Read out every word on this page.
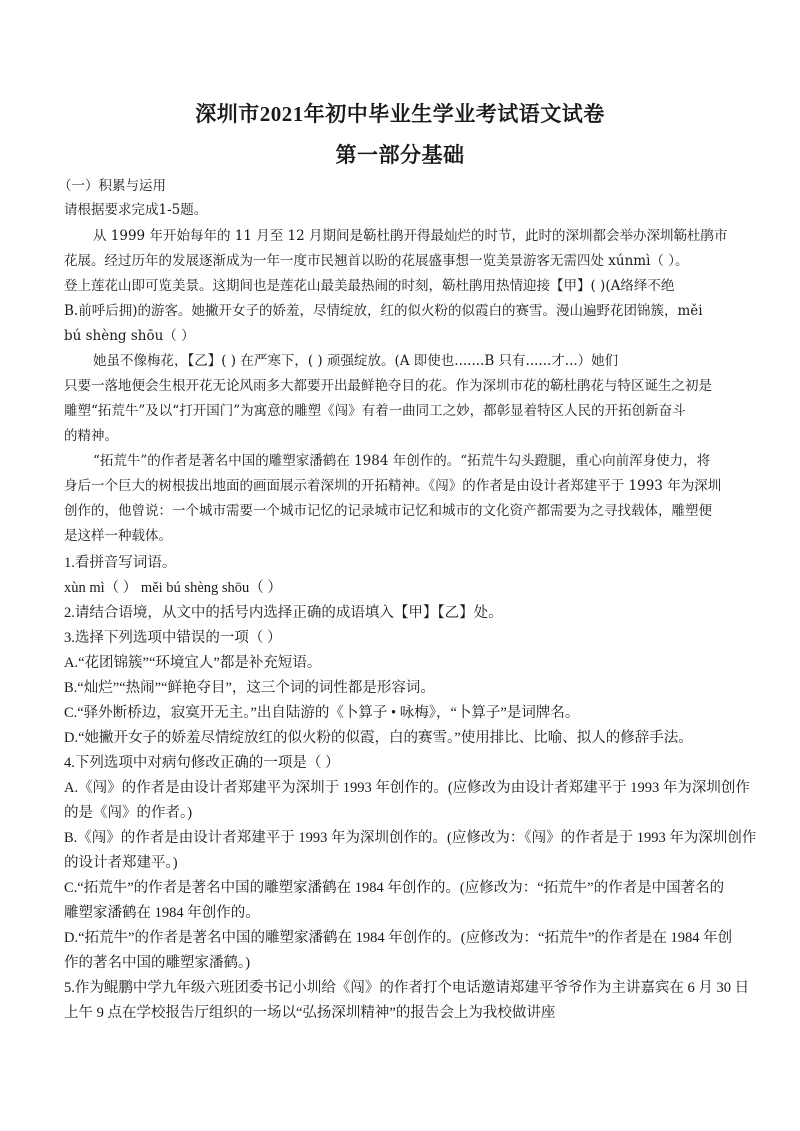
深圳市2021年初中毕业生学业考试语文试卷
第一部分基础
（一）积累与运用
请根据要求完成1-5题。
从 1999 年开始每年的 11 月至 12 月期间是簕杜鹃开得最灿烂的时节，此时的深圳都会举办深圳簕杜鹃市
花展。经过历年的发展逐渐成为一年一度市民翘首以盼的花展盛事想一览美景游客无需四处 xúnmì（ ）。
登上莲花山即可览美景。这期间也是莲花山最美最热闹的时刻，簕杜鹃用热情迎接【甲】( )(A络绎不绝
B.前呼后拥)的游客。她撇开女子的娇羞，尽情绽放，红的似火粉的似霞白的赛雪。漫山遍野花团锦簇，měi
bú shèng shōu（ ）
她虽不像梅花，【乙】( ) 在严寒下，( ) 顽强绽放。(A 即使也.......B 只有......才...）她们
只要一落地便会生根开花无论风雨多大都要开出最鲜艳夺目的花。作为深圳市花的簕杜鹃花与特区诞生之初是
雕塑“拓荒牛”及以“打开国门”为寓意的雕塑《闯》有着一曲同工之妙，都彰显着特区人民的开拓创新奋斗
的精神。
“拓荒牛”的作者是著名中国的雕塑家潘鹤在 1984 年创作的。“拓荒牛勾头蹬腿，重心向前浑身使力，将
身后一个巨大的树根拔出地面的画面展示着深圳的开拓精神。《闯》的作者是由设计者郑建平于 1993 年为深圳
创作的，他曾说：一个城市需要一个城市记忆的记录城市记忆和城市的文化资产都需要为之寻找载体，雕塑便
是这样一种载体。
1.看拼音写词语。
xùn mì（ ） měi bú shèng shōu（ ）
2.请结合语境，从文中的括号内选择正确的成语填入【甲】【乙】处。
3.选择下列选项中错误的一项（ ）
A.“花团锦簇”“环境宜人”都是补充短语。
B.“灿烂”“热闹”“鲜艳夺目”，这三个词的词性都是形容词。
C.“驿外断桥边，寂寞开无主。”出自陆游的《卜算子 • 咏梅》，“卜算子”是词牌名。
D.“她撇开女子的娇羞尽情绽放红的似火粉的似霞，白的赛雪。”使用排比、比喻、拟人的修辞手法。
4.下列选项中对病句修改正确的一项是（ ）
A.《闯》的作者是由设计者郑建平为深圳于 1993 年创作的。(应修改为由设计者郑建平于 1993 年为深圳创作
的是《闯》的作者。)
B.《闯》的作者是由设计者郑建平于 1993 年为深圳创作的。(应修改为：《闯》的作者是于 1993 年为深圳创作
的设计者郑建平。)
C.“拓荒牛”的作者是著名中国的雕塑家潘鹤在 1984 年创作的。(应修改为：“拓荒牛”的作者是中国著名的
雕塑家潘鹤在 1984 年创作的。
D.“拓荒牛”的作者是著名中国的雕塑家潘鹤在 1984 年创作的。(应修改为：“拓荒牛”的作者是在 1984 年创
作的著名中国的雕塑家潘鹤。)
5.作为鲲鹏中学九年级六班团委书记小圳给《闯》的作者打个电话邀请郑建平爷爷作为主讲嘉宾在 6 月 30 日
上午 9 点在学校报告厅组织的一场以“弘扬深圳精神”的报告会上为我校做讲座
